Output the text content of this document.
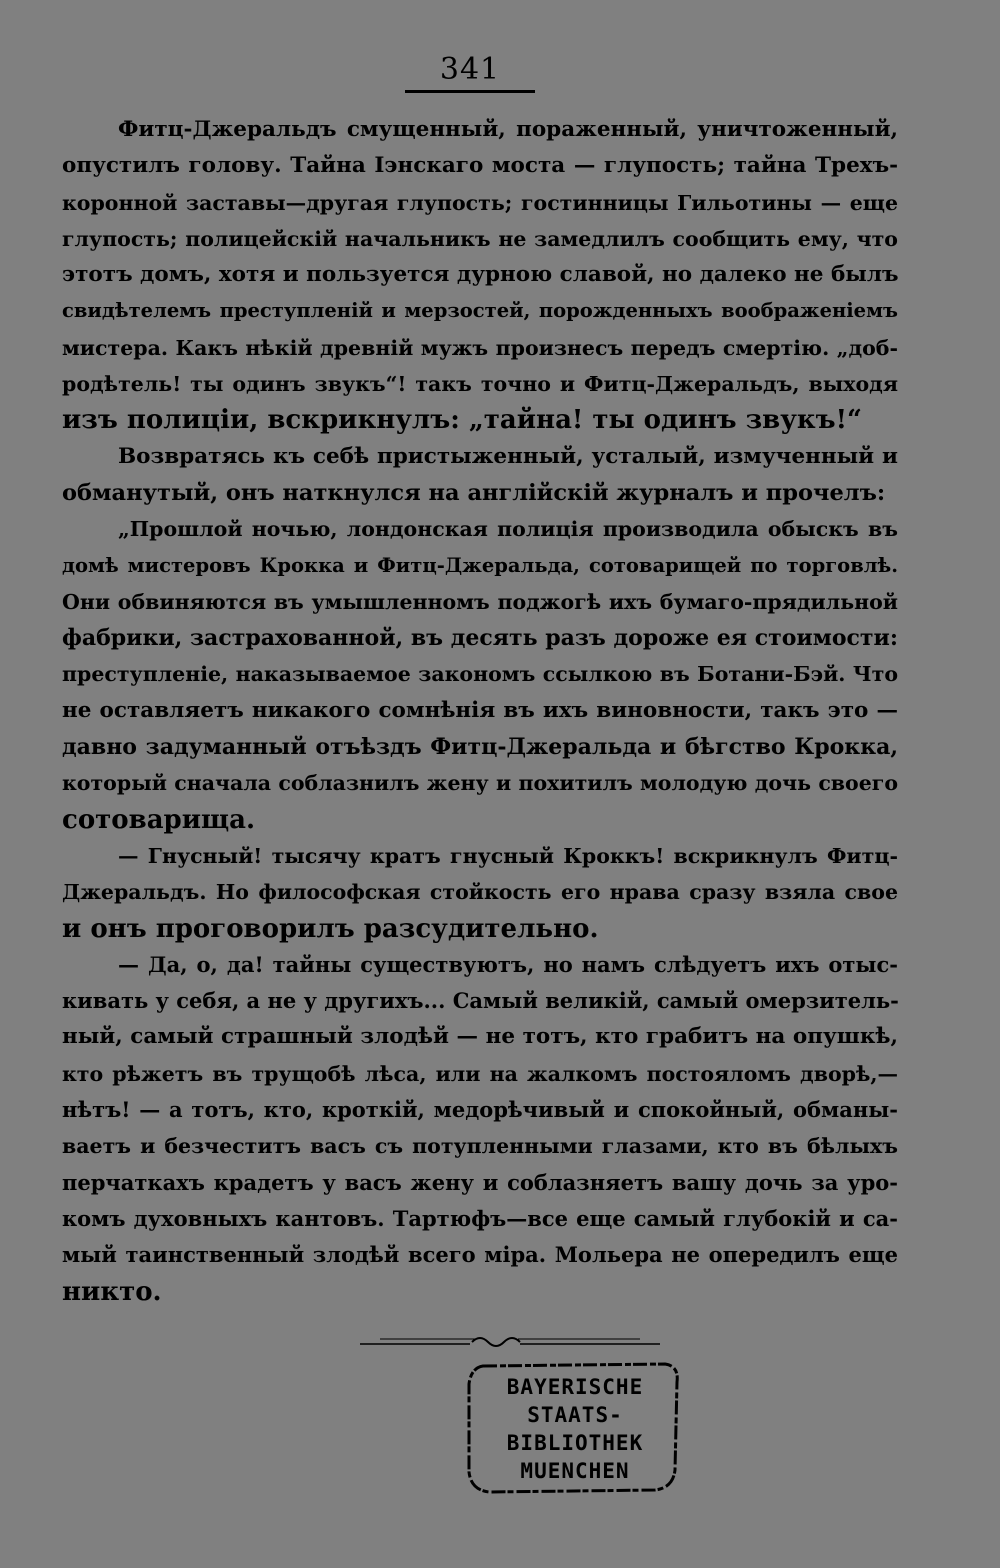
341
Фитц-Джеральдъ смущенный, пораженный, уничтоженный,
опустилъ голову. Тайна Іэнскаго моста — глупость; тайна Трехъ-
коронной заставы—другая глупость; гостинницы Гильотины — еще
глупость; полицейскій начальникъ не замедлилъ сообщить ему, что
этотъ домъ, хотя и пользуется дурною славой, но далеко не былъ
свидѣтелемъ преступленій и мерзостей, порожденныхъ воображеніемъ
мистера. Какъ нѣкій древній мужъ произнесъ передъ смертію. „доб-
родѣтель! ты одинъ звукъ“! такъ точно и Фитц-Джеральдъ, выходя
изъ полиціи, вскрикнулъ: „тайна! ты одинъ звукъ!“
Возвратясь къ себѣ пристыженный, усталый, измученный и
обманутый, онъ наткнулся на англійскій журналъ и прочелъ:
„Прошлой ночью, лондонская полиція производила обыскъ въ
домѣ мистеровъ Крокка и Фитц-Джеральда, сотоварищей по торговлѣ.
Они обвиняются въ умышленномъ поджогѣ ихъ бумаго-прядильной
фабрики, застрахованной, въ десять разъ дороже ея стоимости:
преступленіе, наказываемое закономъ ссылкою въ Ботани-Бэй. Что
не оставляетъ никакого сомнѣнія въ ихъ виновности, такъ это —
давно задуманный отъѣздъ Фитц-Джеральда и бѣгство Крокка,
который сначала соблазнилъ жену и похитилъ молодую дочь своего
сотоварища.
— Гнусный! тысячу кратъ гнусный Кроккъ! вскрикнулъ Фитц-
Джеральдъ. Но философская стойкость его нрава сразу взяла свое
и онъ проговорилъ разсудительно.
— Да, о, да! тайны существуютъ, но намъ слѣдуетъ ихъ отыс-
кивать у себя, а не у другихъ... Самый великій, самый омерзитель-
ный, самый страшный злодѣй — не тотъ, кто грабитъ на опушкѣ,
кто рѣжетъ въ трущобѣ лѣса, или на жалкомъ постояломъ дворѣ,—
нѣтъ! — а тотъ, кто, кроткій, медорѣчивый и спокойный, обманы-
ваетъ и безчеститъ васъ съ потупленными глазами, кто въ бѣлыхъ
перчаткахъ крадетъ у васъ жену и соблазняетъ вашу дочь за уро-
комъ духовныхъ кантовъ. Тартюфъ—все еще самый глубокій и са-
мый таинственный злодѣй всего міра. Мольера не опередилъ еще
никто.
BAYERISCHE
STAATS-
BIBLIOTHEK
MUENCHEN
